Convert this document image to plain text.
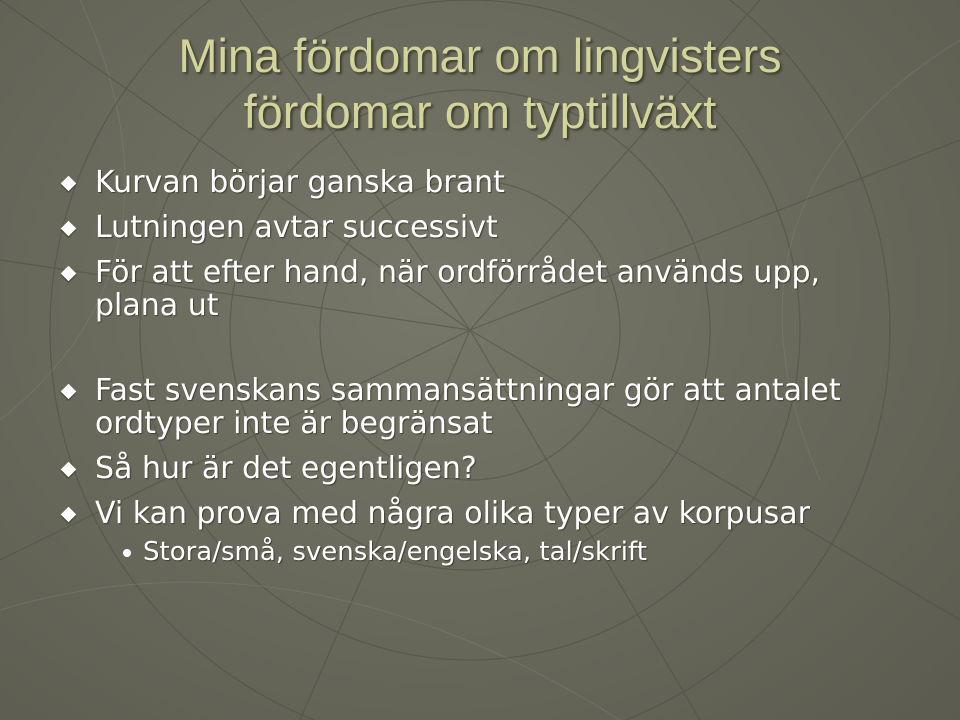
Mina fördomar om lingvisters
fördomar om typtillväxt
Kurvan börjar ganska brant
Lutningen avtar successivt
För att efter hand, när ordförrådet används upp, plana ut
Fast svenskans sammansättningar gör att antalet ordtyper inte är begränsat
Så hur är det egentligen?
Vi kan prova med några olika typer av korpusar
Stora/små, svenska/engelska, tal/skrift
